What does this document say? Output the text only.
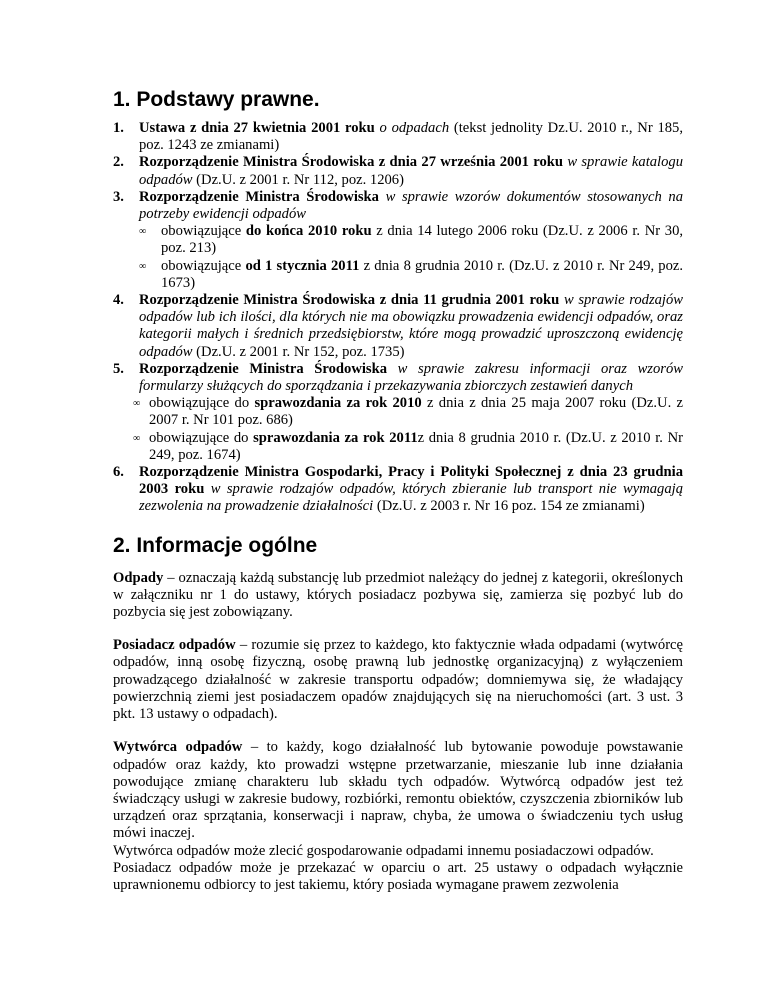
1. Podstawy prawne.
1. Ustawa z dnia 27 kwietnia 2001 roku o odpadach (tekst jednolity Dz.U. 2010 r., Nr 185, poz. 1243 ze zmianami)
2. Rozporządzenie Ministra Środowiska z dnia 27 września 2001 roku w sprawie katalogu odpadów (Dz.U. z 2001 r. Nr 112, poz. 1206)
3. Rozporządzenie Ministra Środowiska w sprawie wzorów dokumentów stosowanych na potrzeby ewidencji odpadów
∞ obowiązujące do końca 2010 roku z dnia 14 lutego 2006 roku (Dz.U. z 2006 r. Nr 30, poz. 213)
∞ obowiązujące od 1 stycznia 2011 z dnia 8 grudnia 2010 r. (Dz.U. z 2010 r. Nr 249, poz. 1673)
4. Rozporządzenie Ministra Środowiska z dnia 11 grudnia 2001 roku w sprawie rodzajów odpadów lub ich ilości, dla których nie ma obowiązku prowadzenia ewidencji odpadów, oraz kategorii małych i średnich przedsiębiorstw, które mogą prowadzić uproszczoną ewidencję odpadów (Dz.U. z 2001 r. Nr 152, poz. 1735)
5. Rozporządzenie Ministra Środowiska w sprawie zakresu informacji oraz wzorów formularzy służących do sporządzania i przekazywania zbiorczych zestawień danych
∞ obowiązujące do sprawozdania za rok 2010 z dnia z dnia 25 maja 2007 roku (Dz.U. z 2007 r. Nr 101 poz. 686)
∞ obowiązujące do sprawozdania za rok 2011z dnia 8 grudnia 2010 r. (Dz.U. z 2010 r. Nr 249, poz. 1674)
6. Rozporządzenie Ministra Gospodarki, Pracy i Polityki Społecznej z dnia 23 grudnia 2003 roku w sprawie rodzajów odpadów, których zbieranie lub transport nie wymagają zezwolenia na prowadzenie działalności (Dz.U. z 2003 r. Nr 16 poz. 154 ze zmianami)
2. Informacje ogólne

Odpady – oznaczają każdą substancję lub przedmiot należący do jednej z kategorii, określonych w załączniku nr 1 do ustawy, których posiadacz pozbywa się, zamierza się pozbyć lub do pozbycia się jest zobowiązany.

Posiadacz odpadów – rozumie się przez to każdego, kto faktycznie włada odpadami (wytwórcę odpadów, inną osobę fizyczną, osobę prawną lub jednostkę organizacyjną) z wyłączeniem prowadzącego działalność w zakresie transportu odpadów; domniemywa się, że władający powierzchnią ziemi jest posiadaczem opadów znajdujących się na nieruchomości (art. 3 ust. 3 pkt. 13 ustawy o odpadach).

Wytwórca odpadów – to każdy, kogo działalność lub bytowanie powoduje powstawanie odpadów oraz każdy, kto prowadzi wstępne przetwarzanie, mieszanie lub inne działania powodujące zmianę charakteru lub składu tych odpadów. Wytwórcą odpadów jest też świadczący usługi w zakresie budowy, rozbiórki, remontu obiektów, czyszczenia zbiorników lub urządzeń oraz sprzątania, konserwacji i napraw, chyba, że umowa o świadczeniu tych usług mówi inaczej.

Wytwórca odpadów może zlecić gospodarowanie odpadami innemu posiadaczowi odpadów.

Posiadacz odpadów może je przekazać w oparciu o art. 25 ustawy o odpadach wyłącznie uprawnionemu odbiorcy to jest takiemu, który posiada wymagane prawem zezwolenia
